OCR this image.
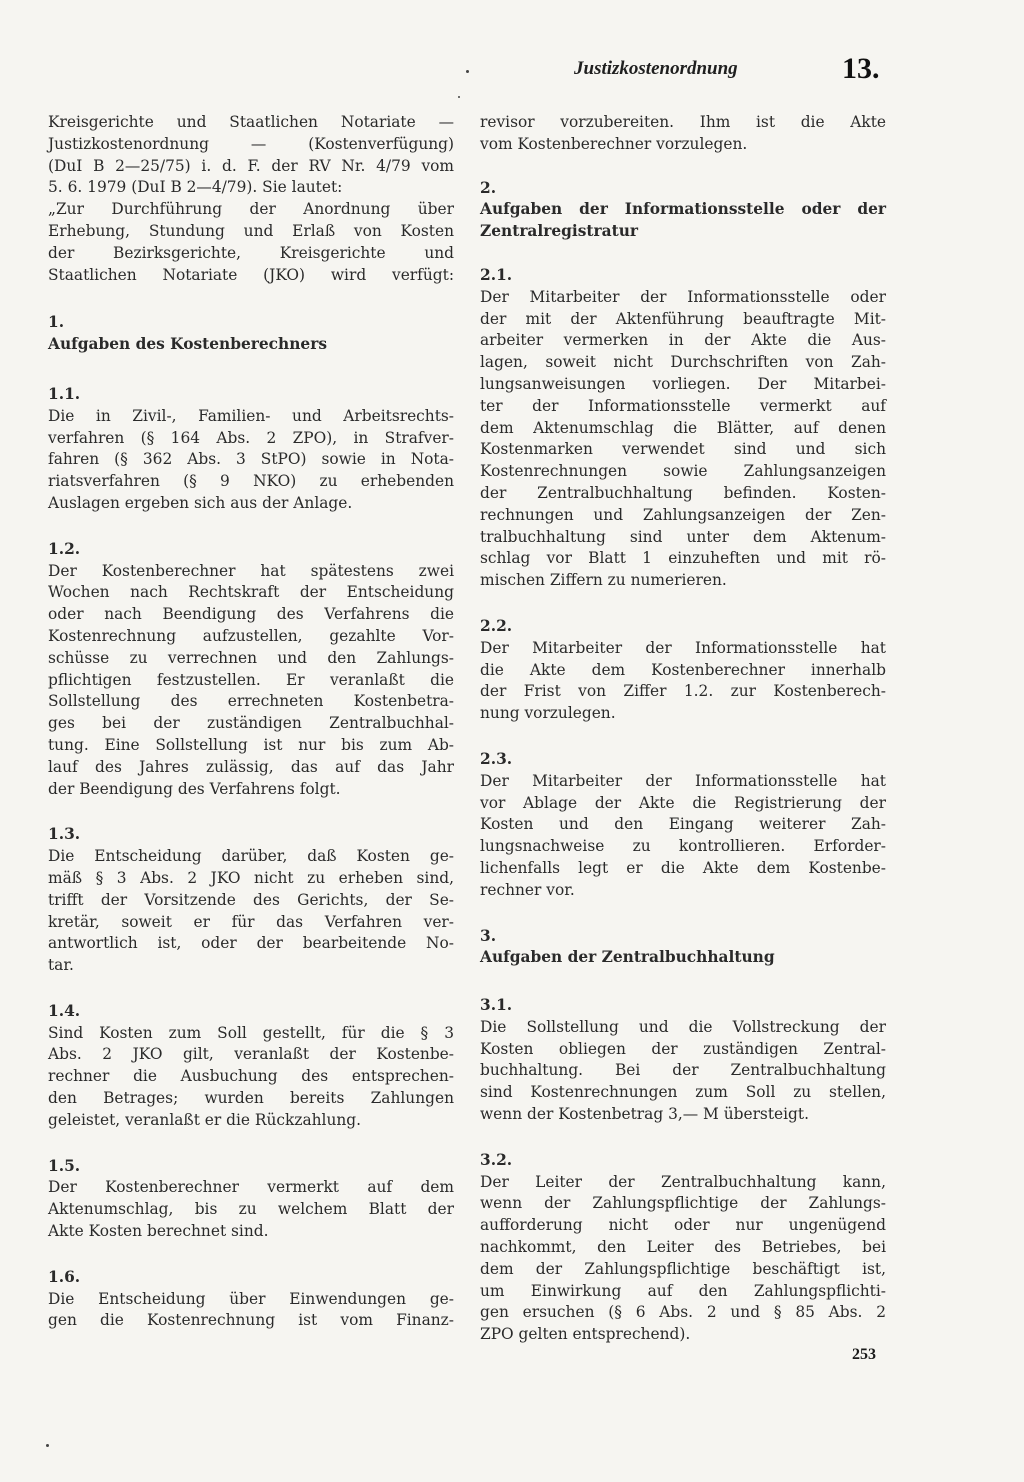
Justizkostenordnung	13.
Kreisgerichte und Staatlichen Notariate —
Justizkostenordnung — (Kostenverfügung)
(DuI B 2—25/75) i. d. F. der RV Nr. 4/79 vom
5. 6. 1979 (DuI B 2—4/79). Sie lautet:
„Zur Durchführung der Anordnung über
Erhebung, Stundung und Erlaß von Kosten
der Bezirksgerichte, Kreisgerichte und
Staatlichen Notariate (JKO) wird verfügt:
1.
Aufgaben des Kostenberechners
1.1.
Die in Zivil-, Familien- und Arbeitsrechts-
verfahren (§ 164 Abs. 2 ZPO), in Strafver-
fahren (§ 362 Abs. 3 StPO) sowie in Nota-
riatsverfahren (§ 9 NKO) zu erhebenden
Auslagen ergeben sich aus der Anlage.
1.2.
Der Kostenberechner hat spätestens zwei
Wochen nach Rechtskraft der Entscheidung
oder nach Beendigung des Verfahrens die
Kostenrechnung aufzustellen, gezahlte Vor-
schüsse zu verrechnen und den Zahlungs-
pflichtigen festzustellen. Er veranlaßt die
Sollstellung des errechneten Kostenbetra-
ges bei der zuständigen Zentralbuchhal-
tung. Eine Sollstellung ist nur bis zum Ab-
lauf des Jahres zulässig, das auf das Jahr
der Beendigung des Verfahrens folgt.
1.3.
Die Entscheidung darüber, daß Kosten ge-
mäß § 3 Abs. 2 JKO nicht zu erheben sind,
trifft der Vorsitzende des Gerichts, der Se-
kretär, soweit er für das Verfahren ver-
antwortlich ist, oder der bearbeitende No-
tar.
1.4.
Sind Kosten zum Soll gestellt, für die § 3
Abs. 2 JKO gilt, veranlaßt der Kostenbe-
rechner die Ausbuchung des entsprechen-
den Betrages; wurden bereits Zahlungen
geleistet, veranlaßt er die Rückzahlung.
1.5.
Der Kostenberechner vermerkt auf dem
Aktenumschlag, bis zu welchem Blatt der
Akte Kosten berechnet sind.
1.6.
Die Entscheidung über Einwendungen ge-
gen die Kostenrechnung ist vom Finanz-
revisor vorzubereiten. Ihm ist die Akte
vom Kostenberechner vorzulegen.
2.
Aufgaben der Informationsstelle oder der
Zentralregistratur
2.1.
Der Mitarbeiter der Informationsstelle oder
der mit der Aktenführung beauftragte Mit-
arbeiter vermerken in der Akte die Aus-
lagen, soweit nicht Durchschriften von Zah-
lungsanweisungen vorliegen. Der Mitarbei-
ter der Informationsstelle vermerkt auf
dem Aktenumschlag die Blätter, auf denen
Kostenmarken verwendet sind und sich
Kostenrechnungen sowie Zahlungsanzeigen
der Zentralbuchhaltung befinden. Kosten-
rechnungen und Zahlungsanzeigen der Zen-
tralbuchhaltung sind unter dem Aktenum-
schlag vor Blatt 1 einzuheften und mit rö-
mischen Ziffern zu numerieren.
2.2.
Der Mitarbeiter der Informationsstelle hat
die Akte dem Kostenberechner innerhalb
der Frist von Ziffer 1.2. zur Kostenberech-
nung vorzulegen.
2.3.
Der Mitarbeiter der Informationsstelle hat
vor Ablage der Akte die Registrierung der
Kosten und den Eingang weiterer Zah-
lungsnachweise zu kontrollieren. Erforder-
lichenfalls legt er die Akte dem Kostenbe-
rechner vor.
3.
Aufgaben der Zentralbuchhaltung
3.1.
Die Sollstellung und die Vollstreckung der
Kosten obliegen der zuständigen Zentral-
buchhaltung. Bei der Zentralbuchhaltung
sind Kostenrechnungen zum Soll zu stellen,
wenn der Kostenbetrag 3,— M übersteigt.
3.2.
Der Leiter der Zentralbuchhaltung kann,
wenn der Zahlungspflichtige der Zahlungs-
aufforderung nicht oder nur ungenügend
nachkommt, den Leiter des Betriebes, bei
dem der Zahlungspflichtige beschäftigt ist,
um Einwirkung auf den Zahlungspflichti-
gen ersuchen (§ 6 Abs. 2 und § 85 Abs. 2
ZPO gelten entsprechend).
253
